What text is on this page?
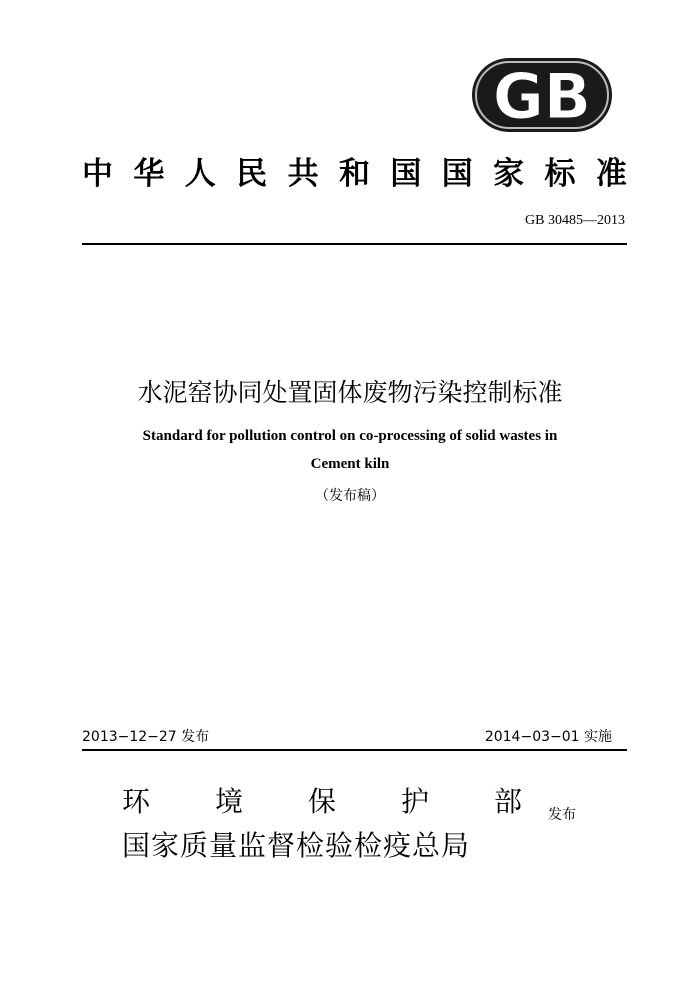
GB
中 华 人 民 共 和 国 国 家 标 准
GB 30485—2013
水泥窑协同处置固体废物污染控制标准
Standard for pollution control on co-processing of solid wastes in
Cement kiln
（发布稿）
2013−12−27 发布	2014−03−01 实施
环 境 保 护 部
国家质量监督检验检疫总局
发布
